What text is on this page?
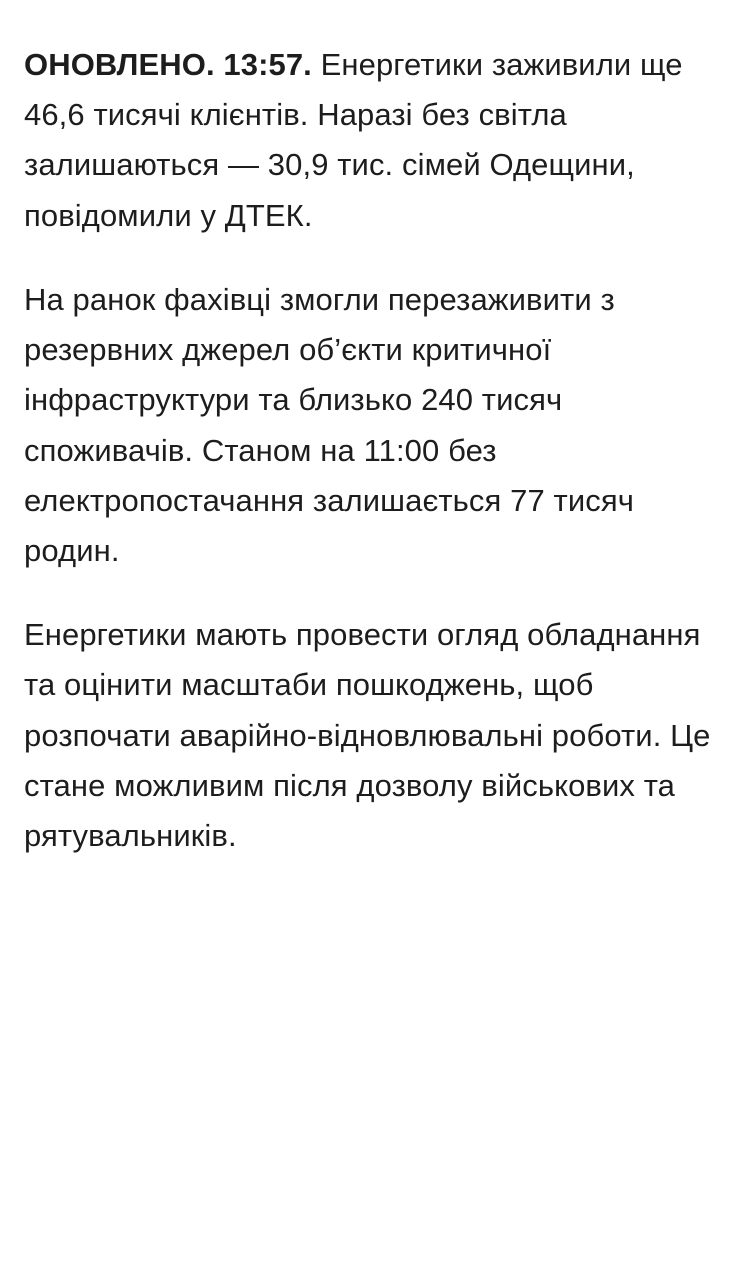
ОНОВЛЕНО. 13:57. Енергетики заживили ще 46,6 тисячі клієнтів. Наразі без світла залишаються — 30,9 тис. сімей Одещини, повідомили у ДТЕК.

На ранок фахівці змогли перезаживити з резервних джерел об’єкти критичної інфраструктури та близько 240 тисяч споживачів. Станом на 11:00 без електропостачання залишається 77 тисяч родин.

Енергетики мають провести огляд обладнання та оцінити масштаби пошкоджень, щоб розпочати аварійно-відновлювальні роботи. Це стане можливим після дозволу військових та рятувальників.
